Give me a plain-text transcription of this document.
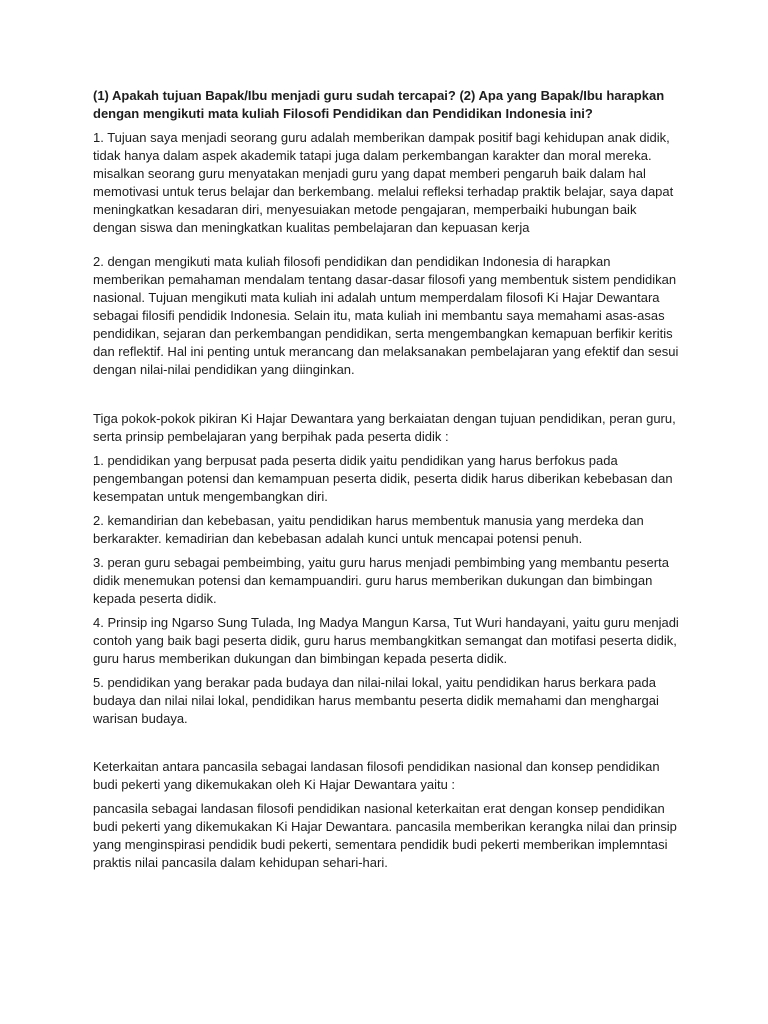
(1) Apakah tujuan Bapak/Ibu menjadi guru sudah tercapai? (2) Apa yang Bapak/Ibu harapkan dengan mengikuti mata kuliah Filosofi Pendidikan dan Pendidikan Indonesia ini?

1. Tujuan saya menjadi seorang guru adalah memberikan dampak positif bagi kehidupan anak didik, tidak hanya dalam aspek akademik tatapi juga dalam perkembangan karakter dan moral mereka. misalkan seorang guru menyatakan menjadi guru yang dapat memberi pengaruh baik dalam hal memotivasi untuk terus belajar dan berkembang. melalui refleksi terhadap praktik belajar, saya dapat meningkatkan kesadaran diri, menyesuiakan metode pengajaran, memperbaiki hubungan baik dengan siswa dan meningkatkan kualitas pembelajaran dan kepuasan kerja

2. dengan mengikuti mata kuliah filosofi pendidikan dan pendidikan Indonesia di harapkan memberikan pemahaman mendalam tentang dasar-dasar filosofi yang membentuk sistem pendidikan nasional. Tujuan mengikuti mata kuliah ini adalah untum memperdalam filosofi Ki Hajar Dewantara sebagai filosifi pendidik Indonesia. Selain itu, mata kuliah ini membantu saya memahami asas-asas pendidikan, sejaran dan perkembangan pendidikan, serta mengembangkan kemapuan berfikir keritis dan reflektif. Hal ini penting untuk merancang dan melaksanakan pembelajaran yang efektif dan sesui dengan nilai-nilai pendidikan yang diinginkan.

Tiga pokok-pokok pikiran Ki Hajar Dewantara yang berkaiatan dengan tujuan pendidikan, peran guru, serta prinsip pembelajaran yang berpihak pada peserta didik :

1. pendidikan yang berpusat pada peserta didik yaitu pendidikan yang harus berfokus pada pengembangan potensi dan kemampuan peserta didik, peserta didik harus diberikan kebebasan dan kesempatan untuk mengembangkan diri.

2. kemandirian dan kebebasan, yaitu pendidikan harus membentuk manusia yang merdeka dan berkarakter. kemadirian dan kebebasan adalah kunci untuk mencapai potensi penuh.

3. peran guru sebagai pembeimbing, yaitu guru harus menjadi pembimbing yang membantu peserta didik menemukan potensi dan kemampuandiri. guru harus memberikan dukungan dan bimbingan kepada peserta didik.

4. Prinsip ing Ngarso Sung Tulada, Ing Madya Mangun Karsa, Tut Wuri handayani, yaitu guru menjadi contoh yang baik bagi peserta didik, guru harus membangkitkan semangat dan motifasi peserta didik, guru harus memberikan dukungan dan bimbingan kepada peserta didik.

5. pendidikan yang berakar pada budaya dan nilai-nilai lokal, yaitu pendidikan harus berkara pada budaya dan nilai nilai lokal, pendidikan harus membantu peserta didik memahami dan menghargai warisan budaya.

Keterkaitan antara pancasila sebagai landasan filosofi pendidikan nasional dan konsep pendidikan budi pekerti yang dikemukakan oleh Ki Hajar Dewantara yaitu :

pancasila sebagai landasan filosofi pendidikan nasional keterkaitan erat dengan konsep pendidikan budi pekerti yang dikemukakan Ki Hajar Dewantara. pancasila memberikan kerangka nilai dan prinsip yang menginspirasi pendidik budi pekerti, sementara pendidik budi pekerti memberikan implemntasi praktis nilai pancasila dalam kehidupan sehari-hari.
